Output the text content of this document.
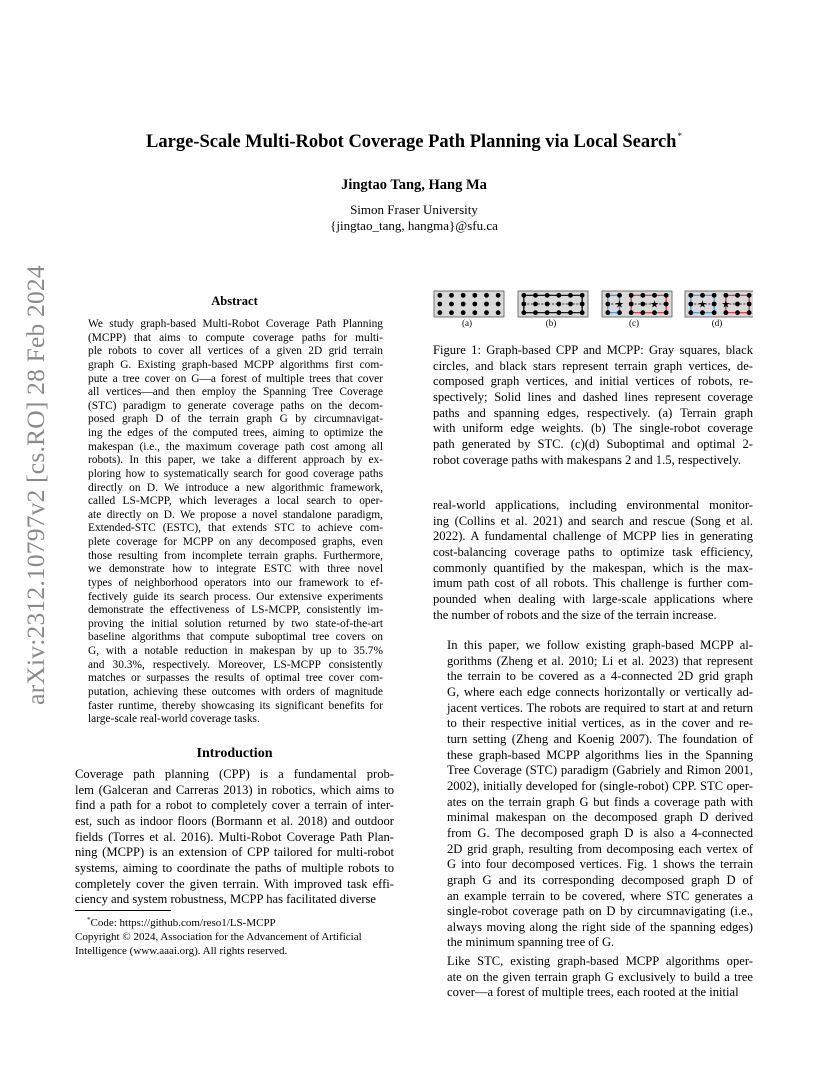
arXiv:2312.10797v2 [cs.RO] 28 Feb 2024
Large-Scale Multi-Robot Coverage Path Planning via Local Search*
Jingtao Tang, Hang Ma
Simon Fraser University
{jingtao_tang, hangma}@sfu.ca
Abstract
We study graph-based Multi-Robot Coverage Path Planning
(MCPP) that aims to compute coverage paths for multi-
ple robots to cover all vertices of a given 2D grid terrain
graph G. Existing graph-based MCPP algorithms first com-
pute a tree cover on G—a forest of multiple trees that cover
all vertices—and then employ the Spanning Tree Coverage
(STC) paradigm to generate coverage paths on the decom-
posed graph D of the terrain graph G by circumnavigat-
ing the edges of the computed trees, aiming to optimize the
makespan (i.e., the maximum coverage path cost among all
robots). In this paper, we take a different approach by ex-
ploring how to systematically search for good coverage paths
directly on D. We introduce a new algorithmic framework,
called LS-MCPP, which leverages a local search to oper-
ate directly on D. We propose a novel standalone paradigm,
Extended-STC (ESTC), that extends STC to achieve com-
plete coverage for MCPP on any decomposed graphs, even
those resulting from incomplete terrain graphs. Furthermore,
we demonstrate how to integrate ESTC with three novel
types of neighborhood operators into our framework to ef-
fectively guide its search process. Our extensive experiments
demonstrate the effectiveness of LS-MCPP, consistently im-
proving the initial solution returned by two state-of-the-art
baseline algorithms that compute suboptimal tree covers on
G, with a notable reduction in makespan by up to 35.7%
and 30.3%, respectively. Moreover, LS-MCPP consistently
matches or surpasses the results of optimal tree cover com-
putation, achieving these outcomes with orders of magnitude
faster runtime, thereby showcasing its significant benefits for
large-scale real-world coverage tasks.
Introduction
Coverage path planning (CPP) is a fundamental prob-
lem (Galceran and Carreras 2013) in robotics, which aims to
find a path for a robot to completely cover a terrain of inter-
est, such as indoor floors (Bormann et al. 2018) and outdoor
fields (Torres et al. 2016). Multi-Robot Coverage Path Plan-
ning (MCPP) is an extension of CPP tailored for multi-robot
systems, aiming to coordinate the paths of multiple robots to
completely cover the given terrain. With improved task effi-
ciency and system robustness, MCPP has facilitated diverse
*Code: https://github.com/reso1/LS-MCPP
Copyright © 2024, Association for the Advancement of Artificial
Intelligence (www.aaai.org). All rights reserved.
★	★	★ ★
(a)	(b)	(c)	(d)
Figure 1: Graph-based CPP and MCPP: Gray squares, black
circles, and black stars represent terrain graph vertices, de-
composed graph vertices, and initial vertices of robots, re-
spectively; Solid lines and dashed lines represent coverage
paths and spanning edges, respectively. (a) Terrain graph
with uniform edge weights. (b) The single-robot coverage
path generated by STC. (c)(d) Suboptimal and optimal 2-
robot coverage paths with makespans 2 and 1.5, respectively.
real-world applications, including environmental monitor-
ing (Collins et al. 2021) and search and rescue (Song et al.
2022). A fundamental challenge of MCPP lies in generating
cost-balancing coverage paths to optimize task efficiency,
commonly quantified by the makespan, which is the max-
imum path cost of all robots. This challenge is further com-
pounded when dealing with large-scale applications where
the number of robots and the size of the terrain increase.

In this paper, we follow existing graph-based MCPP al-
gorithms (Zheng et al. 2010; Li et al. 2023) that represent
the terrain to be covered as a 4-connected 2D grid graph
G, where each edge connects horizontally or vertically ad-
jacent vertices. The robots are required to start at and return
to their respective initial vertices, as in the cover and re-
turn setting (Zheng and Koenig 2007). The foundation of
these graph-based MCPP algorithms lies in the Spanning
Tree Coverage (STC) paradigm (Gabriely and Rimon 2001,
2002), initially developed for (single-robot) CPP. STC oper-
ates on the terrain graph G but finds a coverage path with
minimal makespan on the decomposed graph D derived
from G. The decomposed graph D is also a 4-connected
2D grid graph, resulting from decomposing each vertex of
G into four decomposed vertices. Fig. 1 shows the terrain
graph G and its corresponding decomposed graph D of
an example terrain to be covered, where STC generates a
single-robot coverage path on D by circumnavigating (i.e.,
always moving along the right side of the spanning edges)
the minimum spanning tree of G.

Like STC, existing graph-based MCPP algorithms oper-
ate on the given terrain graph G exclusively to build a tree
cover—a forest of multiple trees, each rooted at the initial
